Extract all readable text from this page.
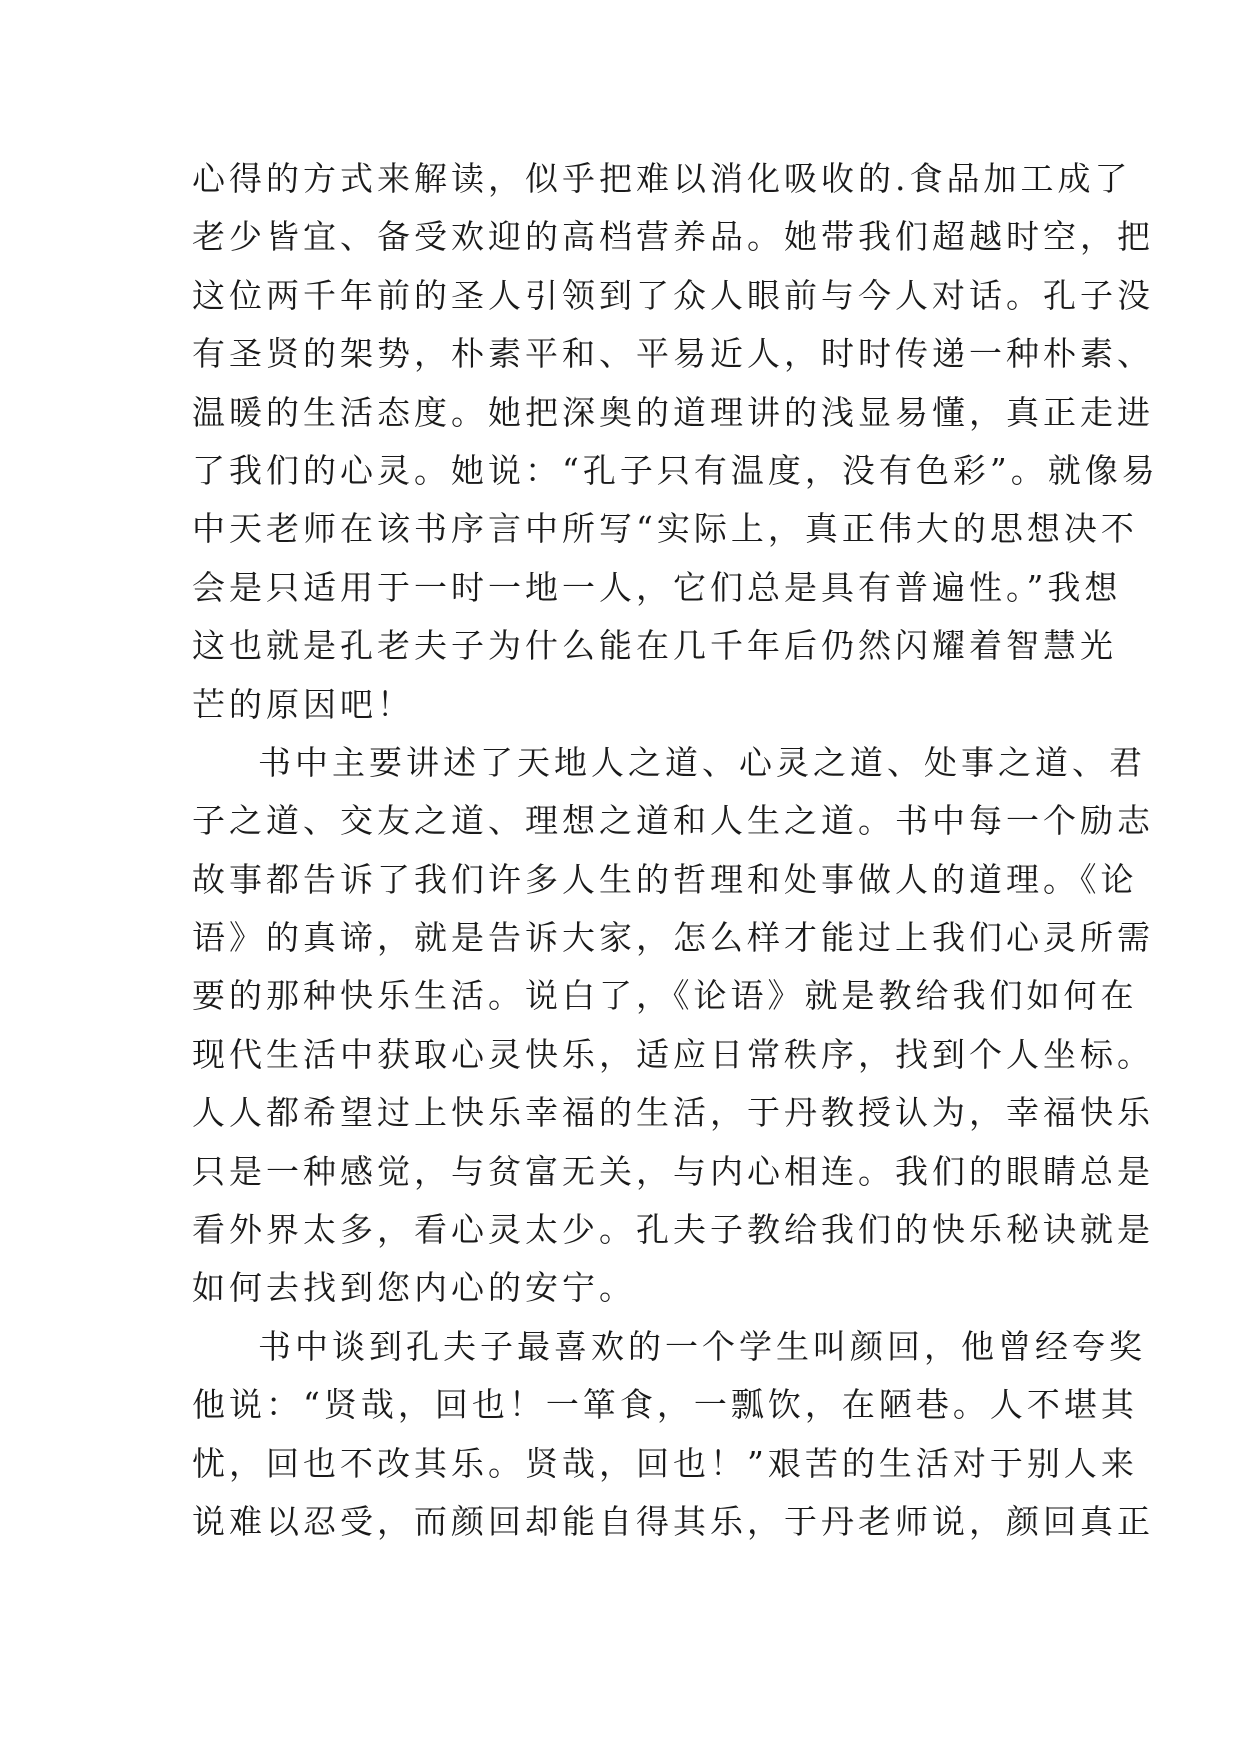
心得的方式来解读，似乎把难以消化吸收的.食品加工成了
老少皆宜、备受欢迎的高档营养品。她带我们超越时空，把
这位两千年前的圣人引领到了众人眼前与今人对话。孔子没
有圣贤的架势，朴素平和、平易近人，时时传递一种朴素、
温暖的生活态度。她把深奥的道理讲的浅显易懂，真正走进
了我们的心灵。她说：“孔子只有温度，没有色彩”。就像易
中天老师在该书序言中所写“实际上，真正伟大的思想决不
会是只适用于一时一地一人，它们总是具有普遍性。”我想
这也就是孔老夫子为什么能在几千年后仍然闪耀着智慧光
芒的原因吧！
书中主要讲述了天地人之道、心灵之道、处事之道、君
子之道、交友之道、理想之道和人生之道。书中每一个励志
故事都告诉了我们许多人生的哲理和处事做人的道理。《论
语》的真谛，就是告诉大家，怎么样才能过上我们心灵所需
要的那种快乐生活。说白了，《论语》就是教给我们如何在
现代生活中获取心灵快乐，适应日常秩序，找到个人坐标。
人人都希望过上快乐幸福的生活，于丹教授认为，幸福快乐
只是一种感觉，与贫富无关，与内心相连。我们的眼睛总是
看外界太多，看心灵太少。孔夫子教给我们的快乐秘诀就是
如何去找到您内心的安宁。
书中谈到孔夫子最喜欢的一个学生叫颜回，他曾经夸奖
他说：“贤哉，回也！一箪食，一瓢饮，在陋巷。人不堪其
忧，回也不改其乐。贤哉，回也！”艰苦的生活对于别人来
说难以忍受，而颜回却能自得其乐，于丹老师说，颜回真正
